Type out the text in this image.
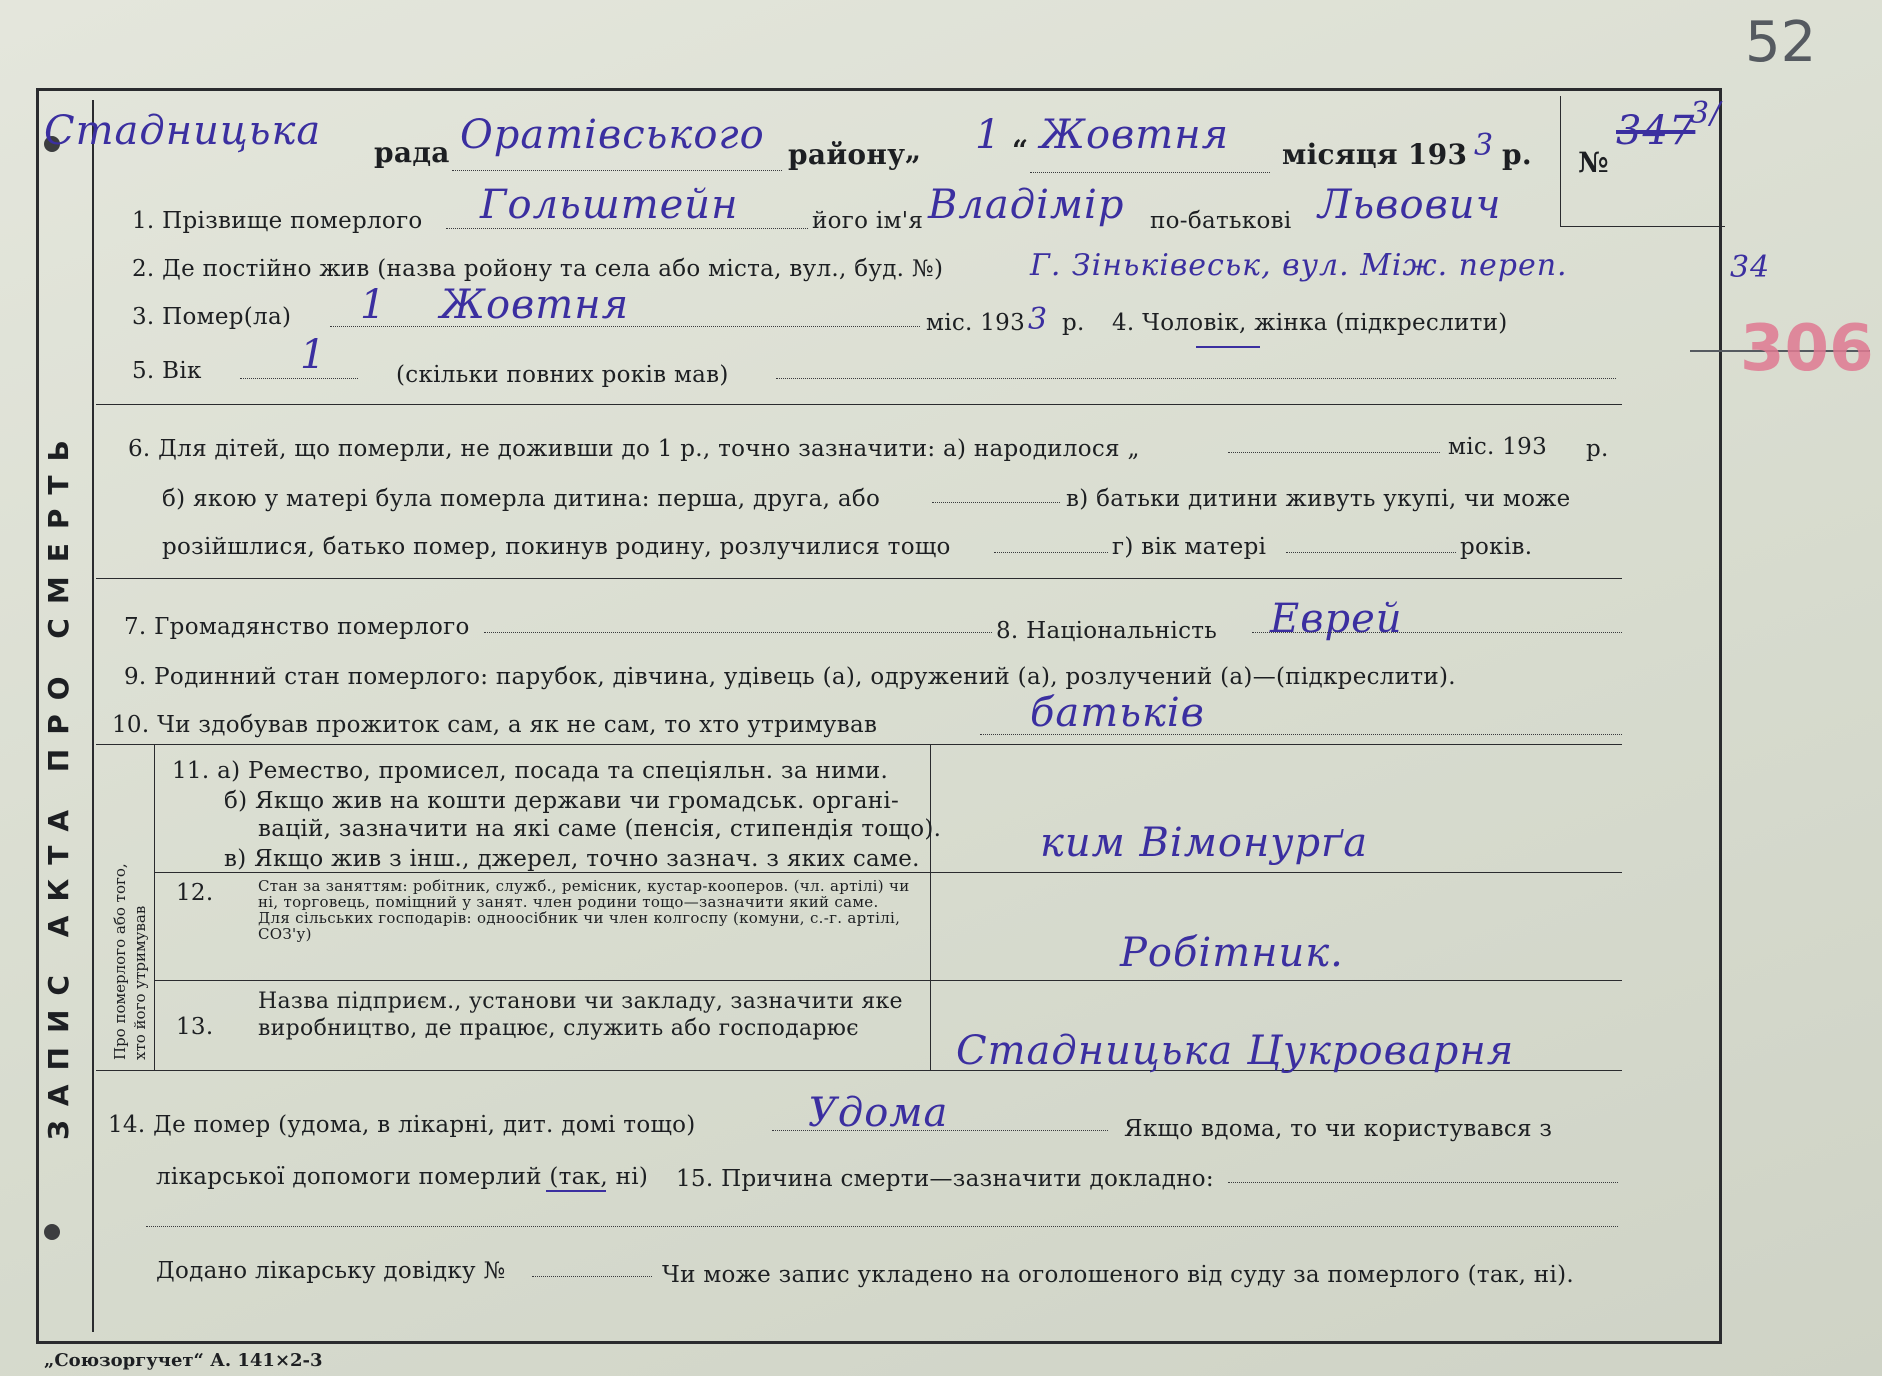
52
ЗАПИС АКТА ПРО СМЕРТЬ Про померлого або того, хто його утримував
Стадницька рада Оратівського району „ 1 “ Жовтня місяця 193 3 р. №
347
3/
1. Прізвище померлого Гольштейн	його ім'я Владімір по-батькові Львович
2. Де постійно жив (назва ройону та села або міста, вул., буд. №)	Г. Зіньківеськ, вул. Між. переп.	34
3. Помер(ла) 1 Жовтня	міс. 193 3 р. 4. Чоловік, жінка (підкреслити)	306
5. Вік 1	(скільки повних років мав)
6. Для дітей, що померли, не доживши до 1 р., точно зазначити: а) народилося „	міс. 193 р.
б) якою у матері була померла дитина: перша, друга, або	в) батьки дитини живуть укупі, чи може
розійшлися, батько помер, покинув родину, розлучилися тощо	г) вік матері	років.
7. Громадянство померлого	8. Національність Еврей
9. Родинний стан померлого: парубок, дівчина, удівець (а), одружений (а), розлучений (а)—(підкреслити).
10. Чи здобував прожиток сам, а як не сам, то хто утримував	батьків
11. а) Ремество, промисел, посада та спеціяльн. за ними.
б) Якщо жив на кошти держави чи громадськ. органі-
вацій, зазначити на які саме (пенсія, стипендія тощо).
в) Якщо жив з інш., джерел, точно зазнач. з яких саме.	ким Вімонурґа
12.	Стан за заняттям: робітник, служб., ремісник, кустар-кооперов. (чл. артілі) чи ні, торговець, поміщний у занят. член родини тощо—зазначити який саме. Для сільських господарів: одноосібник чи член колгоспу (комуни, с.-г. артілі, СОЗ'у)	Робітник.
13.
Назва підприєм., установи чи закладу, зазначити яке виробництво, де працює, служить або господарює	Стадницька Цукроварня
14. Де помер (удома, в лікарні, дит. домі тощо)	Удома	Якщо вдома, то чи користувався з
лікарської допомоги померлий (так, ні) 15. Причина смерти—зазначити докладно:
Додано лікарську довідку №	Чи може запис укладено на оголошеного від суду за померлого (так, ні).
„Союзоргучет“ А. 141×2-3
